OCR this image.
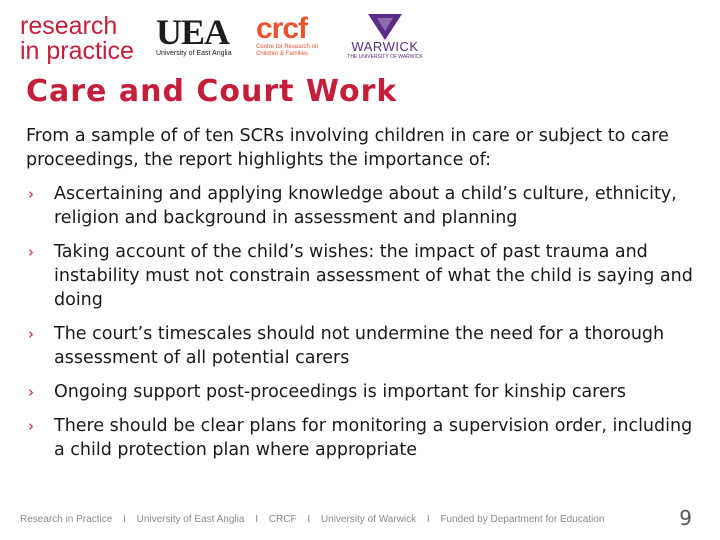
research
in practice UEA
University of East Anglia
crcf
Centre for Research on Children & Families	WARWICK
THE UNIVERSITY OF WARWICK
Care and Court Work

From a sample of of ten SCRs involving children in care or subject to care proceedings, the report highlights the importance of:

› Ascertaining and applying knowledge about a child’s culture, ethnicity, religion and background in assessment and planning
› Taking account of the child’s wishes: the impact of past trauma and instability must not constrain assessment of what the child is saying and doing
› The court’s timescales should not undermine the need for a thorough assessment of all potential carers
› Ongoing support post-proceedings is important for kinship carers
› There should be clear plans for monitoring a supervision order, including a child protection plan where appropriate
Research in Practice I University of East Anglia I CRCF I University of Warwick I Funded by Department for Education	9
